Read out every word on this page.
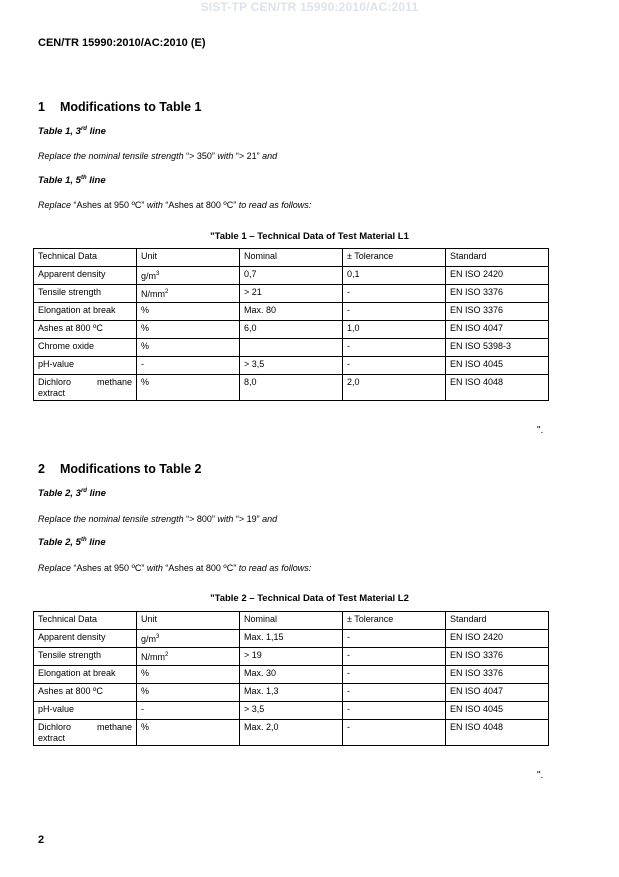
SIST-TP CEN/TR 15990:2010/AC:2011
CEN/TR 15990:2010/AC:2010 (E)
1 Modifications to Table 1
Table 1, 3rd line
Replace the nominal tensile strength “> 350” with “> 21” and
Table 1, 5th line
Replace “Ashes at 950 ºC” with “Ashes at 800 ºC” to read as follows:
"Table 1 – Technical Data of Test Material L1
Technical Data	Unit	Nominal	± Tolerance	Standard
Apparent density	$g/m^3$	0,7	0,1	EN ISO 2420
Tensile strength	$N/mm^2$	> 21	-	EN ISO 3376
Elongation at break	%	Max. 80	-	EN ISO 3376
Ashes at 800 ºC	%	6,0	1,0	EN ISO 4047
Chrome oxide	%		-	EN ISO 5398-3
pH-value	-	> 3,5	-	EN ISO 4045

Dichloro methane
extract	%	8,0	2,0	EN ISO 4048
".
2 Modifications to Table 2
Table 2, 3rd line
Replace the nominal tensile strength “> 800” with “> 19” and
Table 2, 5th line
Replace “Ashes at 950 ºC” with “Ashes at 800 ºC” to read as follows:
"Table 2 – Technical Data of Test Material L2
Technical Data	Unit	Nominal	± Tolerance	Standard
Apparent density	$g/m^3$	Max. 1,15	-	EN ISO 2420
Tensile strength	$N/mm^2$	> 19	-	EN ISO 3376
Elongation at break	%	Max. 30	-	EN ISO 3376
Ashes at 800 ºC	%	Max. 1,3	-	EN ISO 4047
pH-value	-	> 3,5	-	EN ISO 4045

Dichloro methane
extract	%	Max. 2,0	-	EN ISO 4048
".
2
